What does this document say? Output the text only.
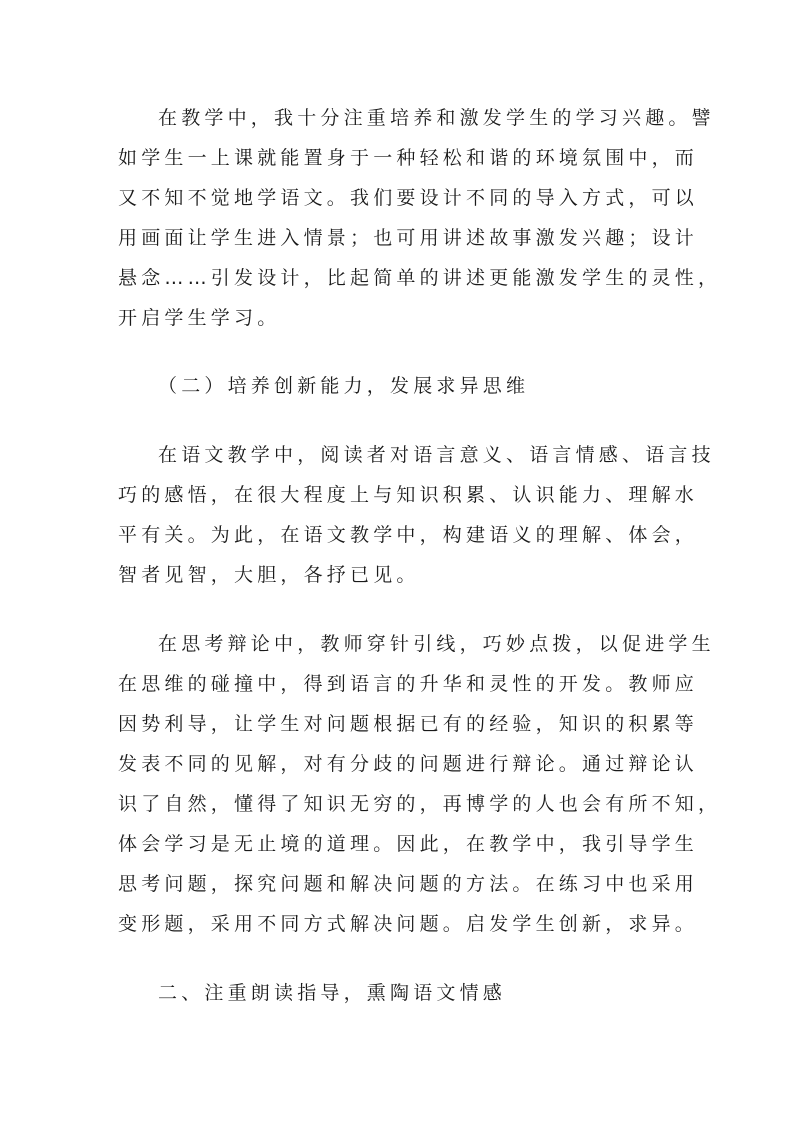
在教学中，我十分注重培养和激发学生的学习兴趣。譬
如学生一上课就能置身于一种轻松和谐的环境氛围中，而
又不知不觉地学语文。我们要设计不同的导入方式，可以
用画面让学生进入情景；也可用讲述故事激发兴趣；设计
悬念……引发设计，比起简单的讲述更能激发学生的灵性，
开启学生学习。
（二）培养创新能力，发展求异思维
在语文教学中，阅读者对语言意义、语言情感、语言技
巧的感悟，在很大程度上与知识积累、认识能力、理解水
平有关。为此，在语文教学中，构建语义的理解、体会，
智者见智，大胆，各抒已见。
在思考辩论中，教师穿针引线，巧妙点拨，以促进学生
在思维的碰撞中，得到语言的升华和灵性的开发。教师应
因势利导，让学生对问题根据已有的经验，知识的积累等
发表不同的见解，对有分歧的问题进行辩论。通过辩论认
识了自然，懂得了知识无穷的，再博学的人也会有所不知，
体会学习是无止境的道理。因此，在教学中，我引导学生
思考问题，探究问题和解决问题的方法。在练习中也采用
变形题，采用不同方式解决问题。启发学生创新，求异。
二、注重朗读指导，熏陶语文情感
